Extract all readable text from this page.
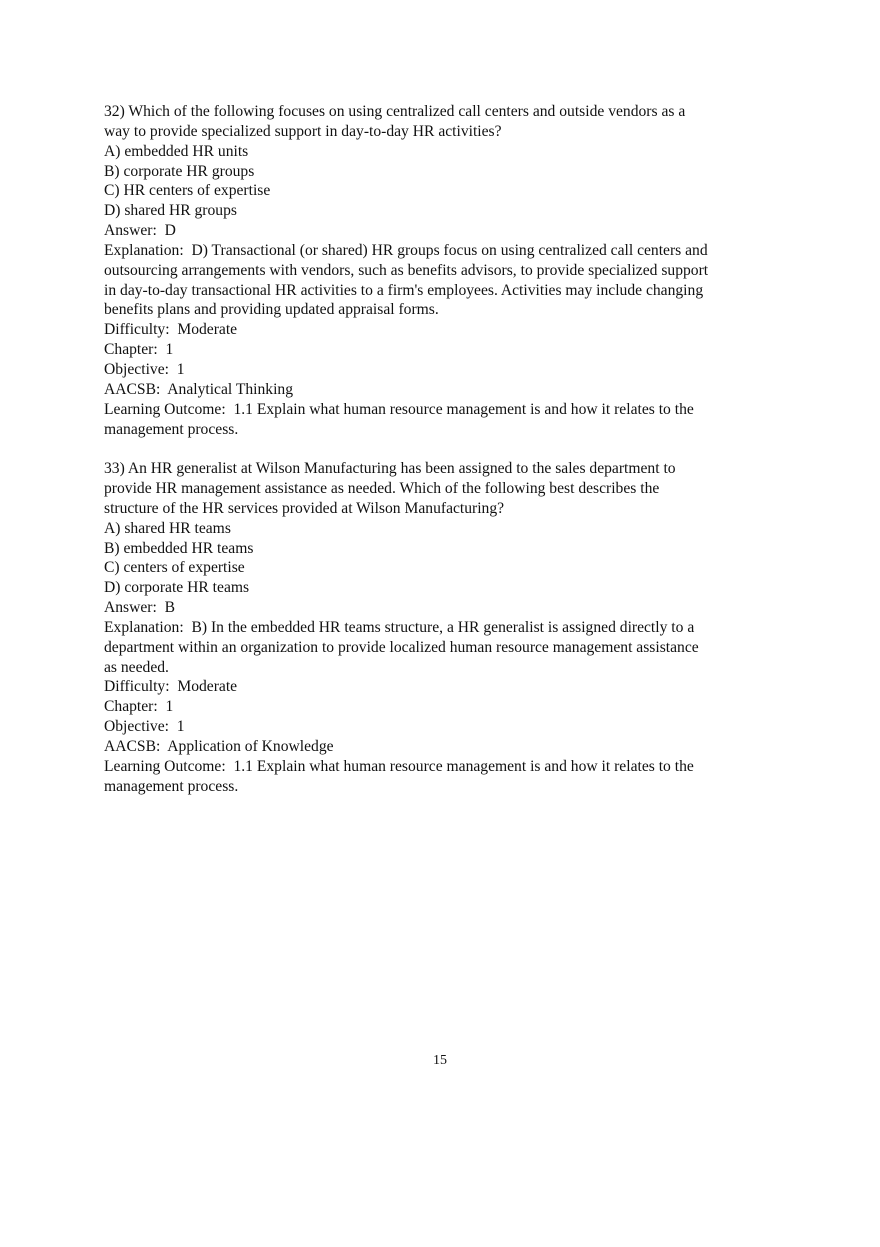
32) Which of the following focuses on using centralized call centers and outside vendors as a
way to provide specialized support in day-to-day HR activities?
A) embedded HR units
B) corporate HR groups
C) HR centers of expertise
D) shared HR groups
Answer:  D
Explanation:  D) Transactional (or shared) HR groups focus on using centralized call centers and
outsourcing arrangements with vendors, such as benefits advisors, to provide specialized support
in day-to-day transactional HR activities to a firm's employees. Activities may include changing
benefits plans and providing updated appraisal forms.
Difficulty:  Moderate
Chapter:  1
Objective:  1
AACSB:  Analytical Thinking
Learning Outcome:  1.1 Explain what human resource management is and how it relates to the
management process.
33) An HR generalist at Wilson Manufacturing has been assigned to the sales department to
provide HR management assistance as needed. Which of the following best describes the
structure of the HR services provided at Wilson Manufacturing?
A) shared HR teams
B) embedded HR teams
C) centers of expertise
D) corporate HR teams
Answer:  B
Explanation:  B) In the embedded HR teams structure, a HR generalist is assigned directly to a
department within an organization to provide localized human resource management assistance
as needed.
Difficulty:  Moderate
Chapter:  1
Objective:  1
AACSB:  Application of Knowledge
Learning Outcome:  1.1 Explain what human resource management is and how it relates to the
management process.
15
